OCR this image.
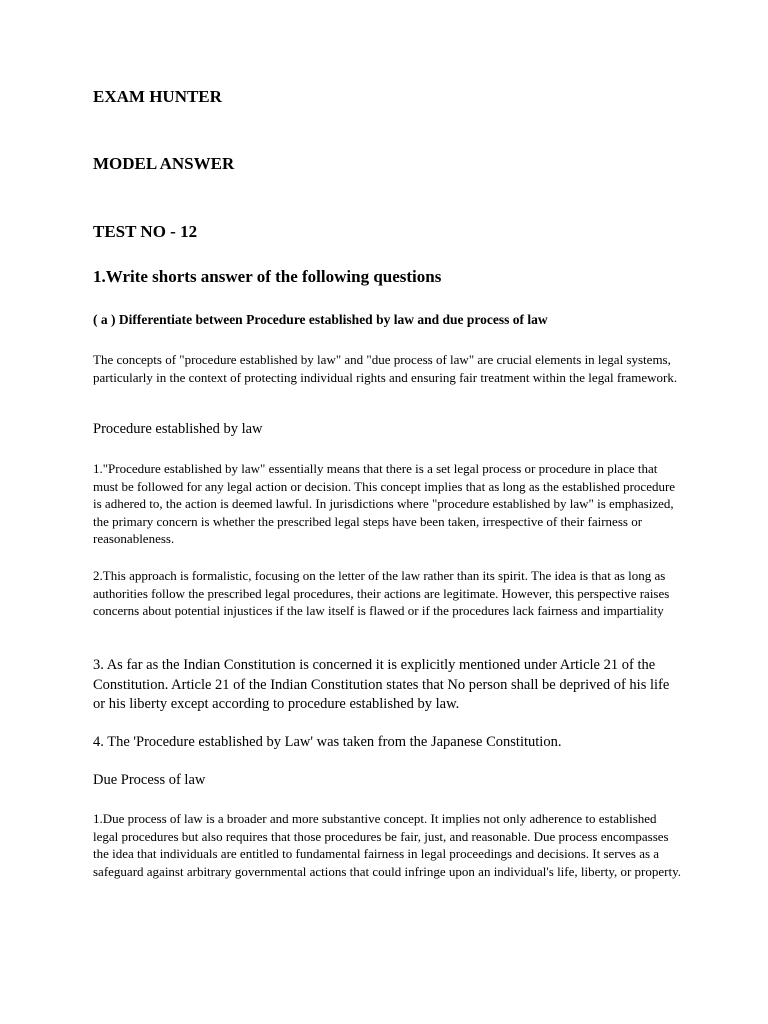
EXAM HUNTER
MODEL ANSWER
TEST NO - 12
1.Write shorts answer of the following questions
( a ) Differentiate between Procedure established by law and due process of law

The concepts of "procedure established by law" and "due process of law" are crucial elements in legal systems, particularly in the context of protecting individual rights and ensuring fair treatment within the legal framework.

Procedure established by law

1."Procedure established by law" essentially means that there is a set legal process or procedure in place that must be followed for any legal action or decision. This concept implies that as long as the established procedure is adhered to, the action is deemed lawful. In jurisdictions where "procedure established by law" is emphasized, the primary concern is whether the prescribed legal steps have been taken, irrespective of their fairness or reasonableness.

2.This approach is formalistic, focusing on the letter of the law rather than its spirit. The idea is that as long as authorities follow the prescribed legal procedures, their actions are legitimate. However, this perspective raises concerns about potential injustices if the law itself is flawed or if the procedures lack fairness and impartiality

3. As far as the Indian Constitution is concerned it is explicitly mentioned under Article 21 of the Constitution. Article 21 of the Indian Constitution states that No person shall be deprived of his life or his liberty except according to procedure established by law.

4. The 'Procedure established by Law' was taken from the Japanese Constitution.

Due Process of law

1.Due process of law is a broader and more substantive concept. It implies not only adherence to established legal procedures but also requires that those procedures be fair, just, and reasonable. Due process encompasses the idea that individuals are entitled to fundamental fairness in legal proceedings and decisions. It serves as a safeguard against arbitrary governmental actions that could infringe upon an individual's life, liberty, or property.
